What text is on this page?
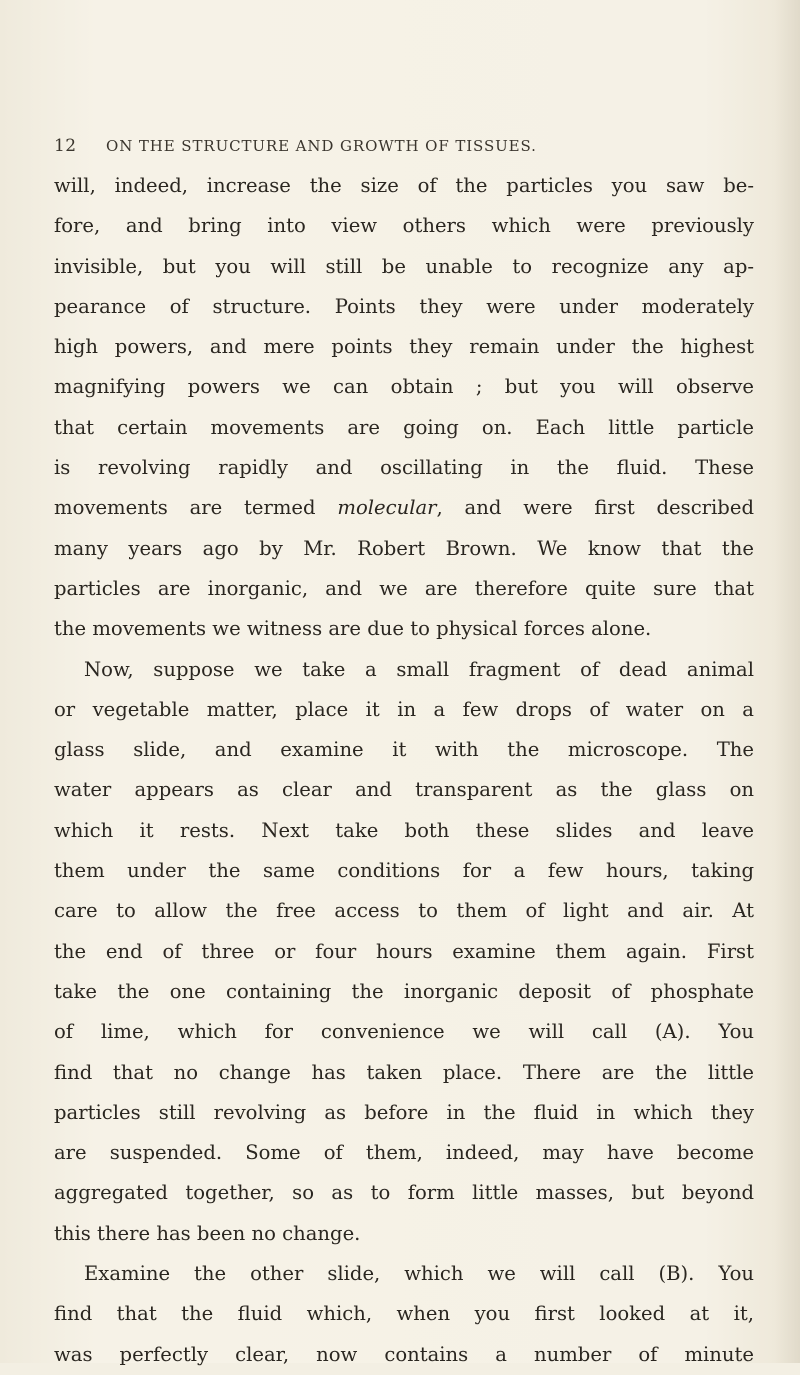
12 ON THE STRUCTURE AND GROWTH OF TISSUES.
will, indeed, increase the size of the particles you saw be-
fore, and bring into view others which were previously
invisible, but you will still be unable to recognize any ap-
pearance of structure. Points they were under moderately
high powers, and mere points they remain under the highest
magnifying powers we can obtain ; but you will observe
that certain movements are going on. Each little particle
is revolving rapidly and oscillating in the fluid. These
movements are termed molecular, and were first described
many years ago by Mr. Robert Brown. We know that the
particles are inorganic, and we are therefore quite sure that
the movements we witness are due to physical forces alone.
Now, suppose we take a small fragment of dead animal
or vegetable matter, place it in a few drops of water on a
glass slide, and examine it with the microscope. The
water appears as clear and transparent as the glass on
which it rests. Next take both these slides and leave
them under the same conditions for a few hours, taking
care to allow the free access to them of light and air. At
the end of three or four hours examine them again. First
take the one containing the inorganic deposit of phosphate
of lime, which for convenience we will call (A). You
find that no change has taken place. There are the little
particles still revolving as before in the fluid in which they
are suspended. Some of them, indeed, may have become
aggregated together, so as to form little masses, but beyond
this there has been no change.
Examine the other slide, which we will call (B). You
find that the fluid which, when you first looked at it,
was perfectly clear, now contains a number of minute
